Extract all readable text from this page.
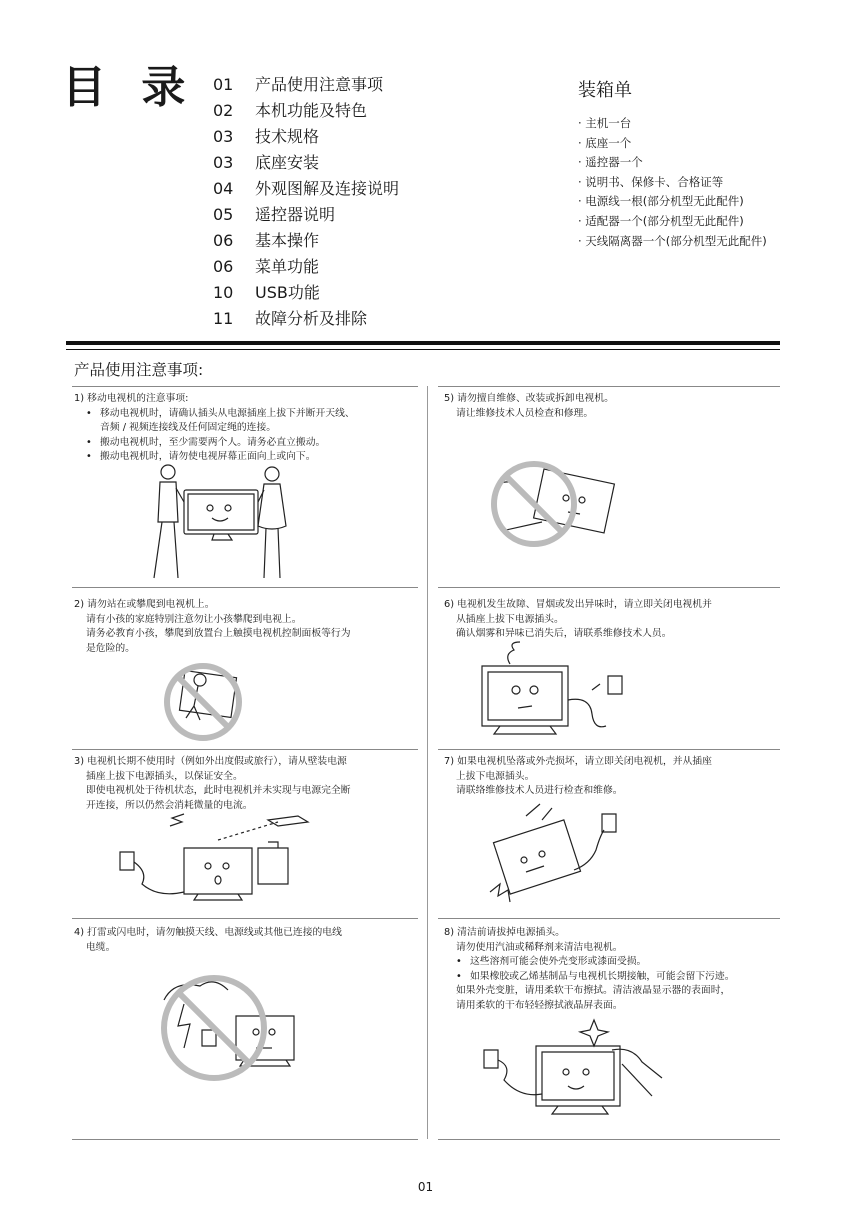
目 录 01 产品使用注意事项
02 本机功能及特色
03 技术规格
03 底座安装
04 外观图解及连接说明
05 遥控器说明
06 基本操作
06 菜单功能
10 USB功能
11 故障分析及排除
装箱单
· 主机一台
· 底座一个
· 遥控器一个
· 说明书、保修卡、合格证等
· 电源线一根(部分机型无此配件)
· 适配器一个(部分机型无此配件)
· 天线隔离器一个(部分机型无此配件)
产品使用注意事项:
1) 移动电视机的注意事项:
• 移动电视机时，请确认插头从电源插座上拔下并断开天线、
音频 / 视频连接线及任何固定绳的连接。
• 搬动电视机时，至少需要两个人。请务必直立搬动。
• 搬动电视机时，请勿使电视屏幕正面向上或向下。
2) 请勿站在或攀爬到电视机上。
请有小孩的家庭特别注意勿让小孩攀爬到电视上。
请务必教育小孩，攀爬到放置台上触摸电视机控制面板等行为
是危险的。
3) 电视机长期不使用时（例如外出度假或旅行），请从壁装电源
插座上拔下电源插头，以保证安全。
即使电视机处于待机状态，此时电视机并未实现与电源完全断
开连接，所以仍然会消耗微量的电流。
4) 打雷或闪电时，请勿触摸天线、电源线或其他已连接的电线
电缆。
5) 请勿擅自维修、改装或拆卸电视机。
请让维修技术人员检查和修理。
6) 电视机发生故障、冒烟或发出异味时，请立即关闭电视机并
从插座上拔下电源插头。
确认烟雾和异味已消失后，请联系维修技术人员。
7) 如果电视机坠落或外壳损坏，请立即关闭电视机，并从插座
上拔下电源插头。
请联络维修技术人员进行检查和维修。
8) 清洁前请拔掉电源插头。
请勿使用汽油或稀释剂来清洁电视机。
• 这些溶剂可能会使外壳变形或漆面受损。
• 如果橡胶或乙烯基制品与电视机长期接触，可能会留下污迹。
如果外壳变脏，请用柔软干布擦拭。清洁液晶显示器的表面时，
请用柔软的干布轻轻擦拭液晶屏表面。
01
